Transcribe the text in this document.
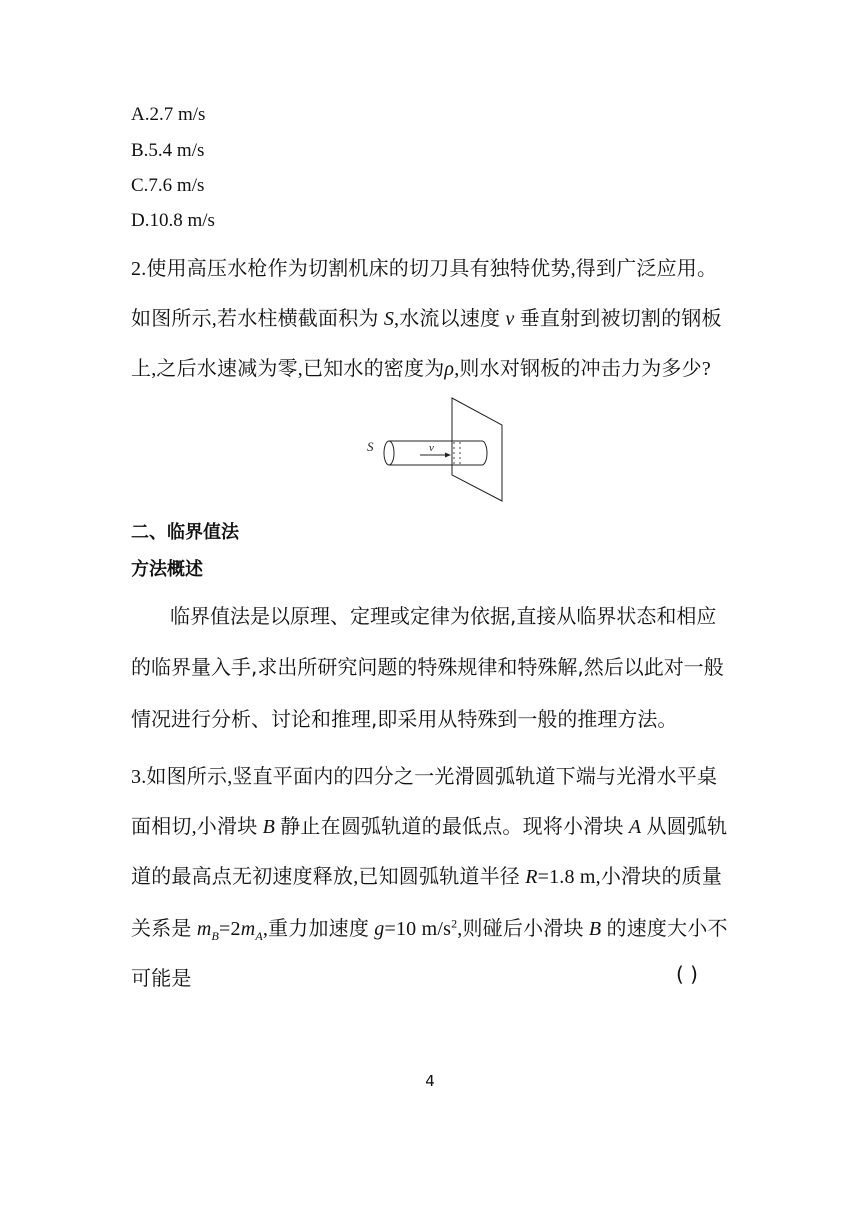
A.2.7 m/s
B.5.4 m/s
C.7.6 m/s
D.10.8 m/s
2.使用高压水枪作为切割机床的切刀具有独特优势,得到广泛应用。
如图所示,若水柱横截面积为 S,水流以速度 v 垂直射到被切割的钢板
上,之后水速减为零,已知水的密度为ρ,则水对钢板的冲击力为多少?
v
S
二、临界值法
方法概述
临界值法是以原理、定理或定律为依据,直接从临界状态和相应
的临界量入手,求出所研究问题的特殊规律和特殊解,然后以此对一般
情况进行分析、讨论和推理,即采用从特殊到一般的推理方法。
3.如图所示,竖直平面内的四分之一光滑圆弧轨道下端与光滑水平桌
面相切,小滑块 B 静止在圆弧轨道的最低点。现将小滑块 A 从圆弧轨
道的最高点无初速度释放,已知圆弧轨道半径 R=1.8 m,小滑块的质量
关系是 $m_B=2m_A$,重力加速度 g=10 $m/s^2$,则碰后小滑块 B 的速度大小不
可能是	( )
4
